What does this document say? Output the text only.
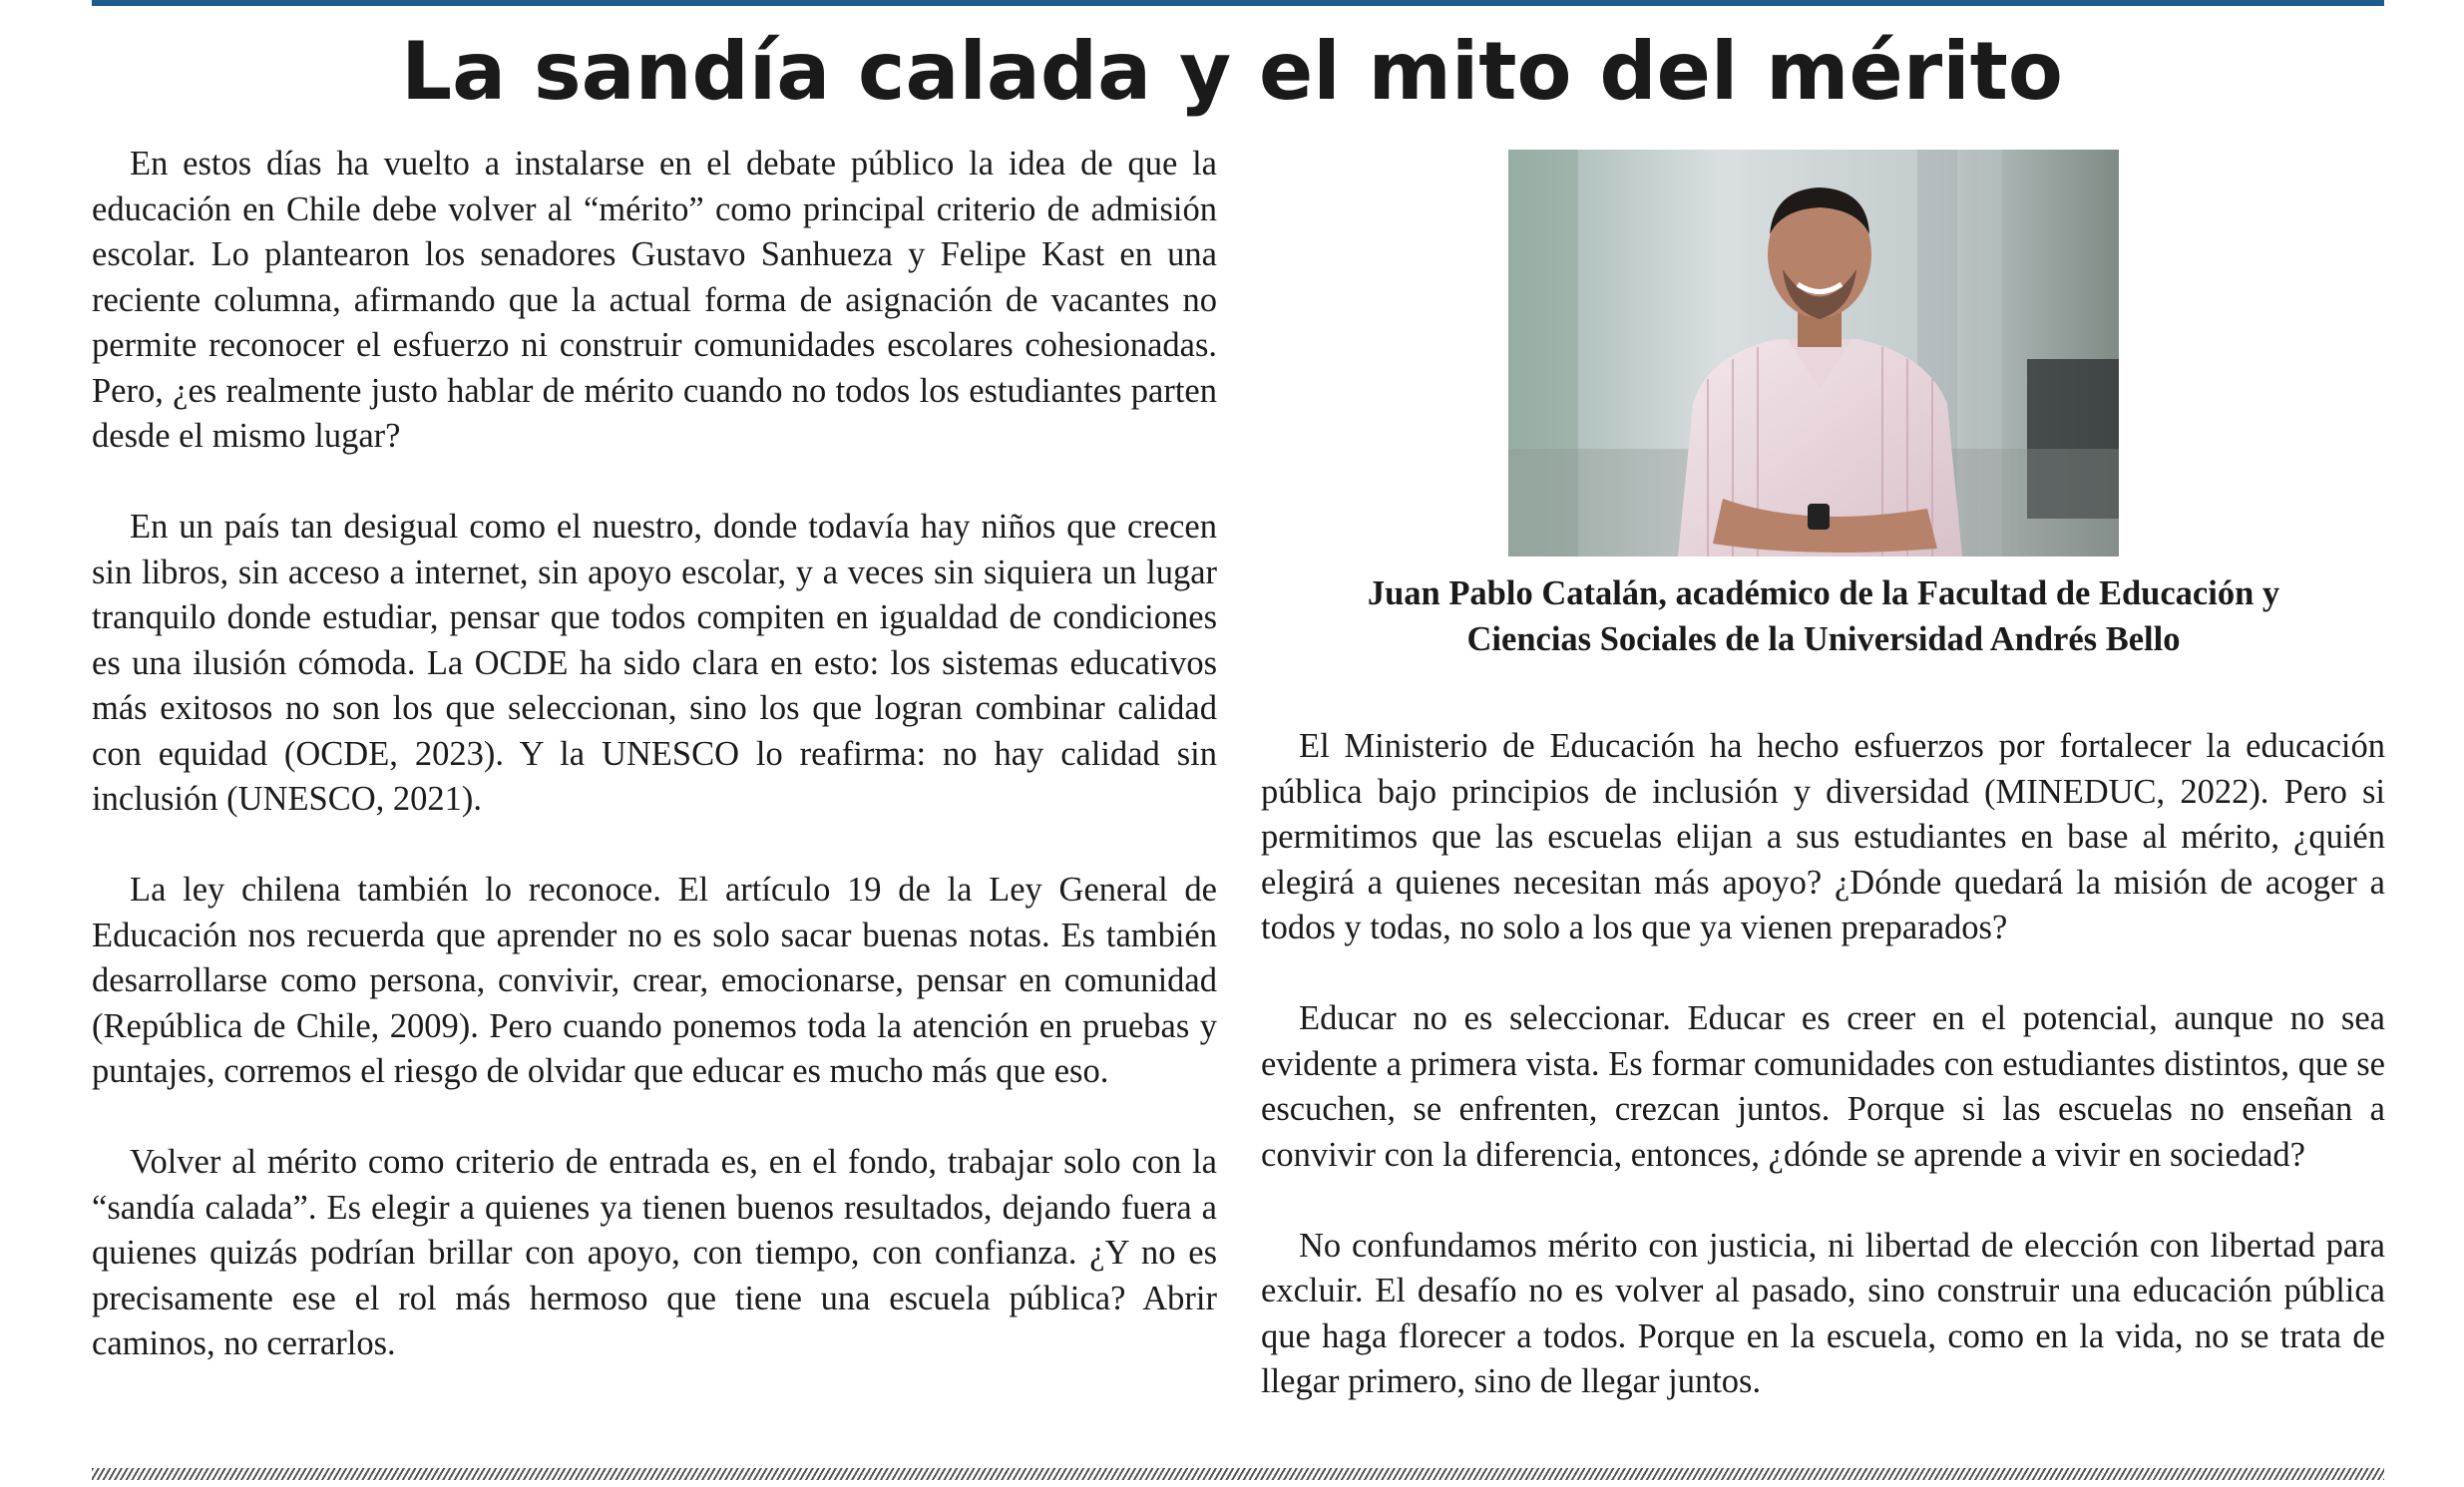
La sandía calada y el mito del mérito

En estos días ha vuelto a instalarse en el debate público la idea de que la educación en Chile debe volver al “mérito” como principal criterio de admisión escolar. Lo plantearon los senadores Gustavo Sanhueza y Felipe Kast en una reciente columna, afirmando que la actual forma de asignación de vacantes no permite reconocer el esfuerzo ni construir comunidades escolares cohesionadas. Pero, ¿es realmente justo hablar de mérito cuando no todos los estudiantes parten desde el mismo lugar?

En un país tan desigual como el nuestro, donde todavía hay niños que crecen sin libros, sin acceso a internet, sin apoyo escolar, y a veces sin siquiera un lugar tranquilo donde estudiar, pensar que todos compiten en igualdad de condiciones es una ilusión cómoda. La OCDE ha sido clara en esto: los sistemas educativos más exitosos no son los que seleccionan, sino los que logran combinar calidad con equidad (OCDE, 2023). Y la UNESCO lo reafirma: no hay calidad sin inclusión (UNESCO, 2021).

La ley chilena también lo reconoce. El artículo 19 de la Ley General de Educación nos recuerda que aprender no es solo sacar buenas notas. Es también desarrollarse como persona, convivir, crear, emocionarse, pensar en comunidad (República de Chile, 2009). Pero cuando ponemos toda la atención en pruebas y puntajes, corremos el riesgo de olvidar que educar es mucho más que eso.

Volver al mérito como criterio de entrada es, en el fondo, trabajar solo con la “sandía calada”. Es elegir a quienes ya tienen buenos resultados, dejando fuera a quienes quizás podrían brillar con apoyo, con tiempo, con confianza. ¿Y no es precisamente ese el rol más hermoso que tiene una escuela pública? Abrir caminos, no cerrarlos.

Juan Pablo Catalán, académico de la Facultad de Educación y Ciencias Sociales de la Universidad Andrés Bello

El Ministerio de Educación ha hecho esfuerzos por fortalecer la educación pública bajo principios de inclusión y diversidad (MINEDUC, 2022). Pero si permitimos que las escuelas elijan a sus estudiantes en base al mérito, ¿quién elegirá a quienes necesitan más apoyo? ¿Dónde quedará la misión de acoger a todos y todas, no solo a los que ya vienen preparados?

Educar no es seleccionar. Educar es creer en el potencial, aunque no sea evidente a primera vista. Es formar comunidades con estudiantes distintos, que se escuchen, se enfrenten, crezcan juntos. Porque si las escuelas no enseñan a convivir con la diferencia, entonces, ¿dónde se aprende a vivir en sociedad?

No confundamos mérito con justicia, ni libertad de elección con libertad para excluir. El desafío no es volver al pasado, sino construir una educación pública que haga florecer a todos. Porque en la escuela, como en la vida, no se trata de llegar primero, sino de llegar juntos.
